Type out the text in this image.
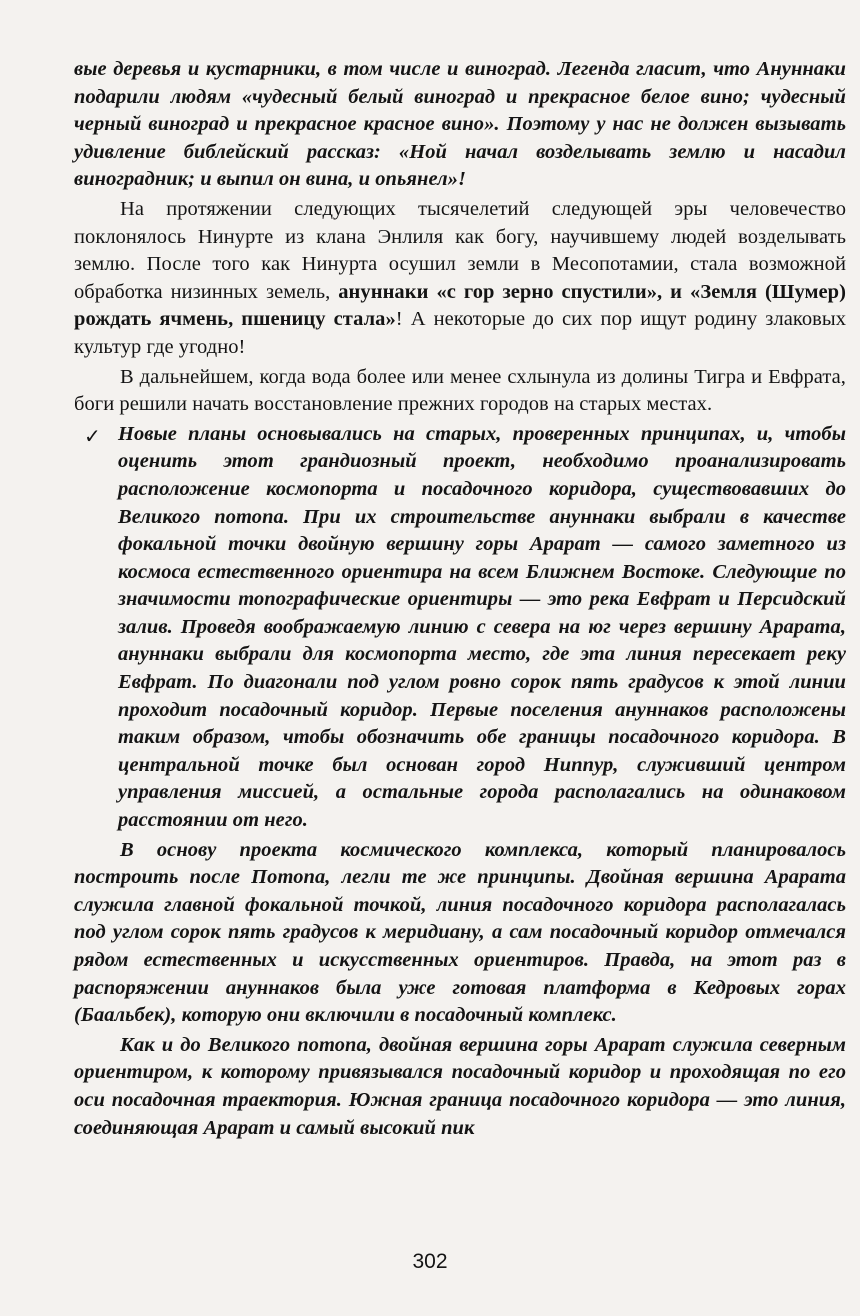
вые деревья и кустарники, в том числе и виноград. Легенда гласит, что Ануннаки подарили людям «чудесный белый виноград и прекрасное белое вино; чудесный черный виноград и прекрасное красное вино». Поэтому у нас не должен вызывать удивление библейский рассказ: «Ной начал возделывать землю и насадил виноградник; и выпил он вина, и опьянел»!

На протяжении следующих тысячелетий следующей эры человечество поклонялось Нинурте из клана Энлиля как богу, научившему людей возделывать землю. После того как Нинурта осушил земли в Месопотамии, стала возможной обработка низинных земель, ануннаки «с гор зерно спустили», и «Земля (Шумер) рождать ячмень, пшеницу стала»! А некоторые до сих пор ищут родину злаковых культур где угодно!

В дальнейшем, когда вода более или менее схлынула из долины Тигра и Евфрата, боги решили начать восстановление прежних городов на старых местах.

✓ Новые планы основывались на старых, проверенных принципах, и, чтобы оценить этот грандиозный проект, необходимо проанализировать расположение космопорта и посадочного коридора, существовавших до Великого потопа. При их строительстве ануннаки выбрали в качестве фокальной точки двойную вершину горы Арарат — самого заметного из космоса естественного ориентира на всем Ближнем Востоке. Следующие по значимости топографические ориентиры — это река Евфрат и Персидский залив. Проведя воображаемую линию с севера на юг через вершину Арарата, ануннаки выбрали для космопорта место, где эта линия пересекает реку Евфрат. По диагонали под углом ровно сорок пять градусов к этой линии проходит посадочный коридор. Первые поселения ануннаков расположены таким образом, чтобы обозначить обе границы посадочного коридора. В центральной точке был основан город Ниппур, служивший центром управления миссией, а остальные города располагались на одинаковом расстоянии от него.

В основу проекта космического комплекса, который планировалось построить после Потопа, легли те же принципы. Двойная вершина Арарата служила главной фокальной точкой, линия посадочного коридора располагалась под углом сорок пять градусов к меридиану, а сам посадочный коридор отмечался рядом естественных и искусственных ориентиров. Правда, на этот раз в распоряжении ануннаков была уже готовая платформа в Кедровых горах (Баальбек), которую они включили в посадочный комплекс.

Как и до Великого потопа, двойная вершина горы Арарат служила северным ориентиром, к которому привязывался посадочный коридор и проходящая по его оси посадочная траектория. Южная граница посадочного коридора — это линия, соединяющая Арарат и самый высокий пик

302
